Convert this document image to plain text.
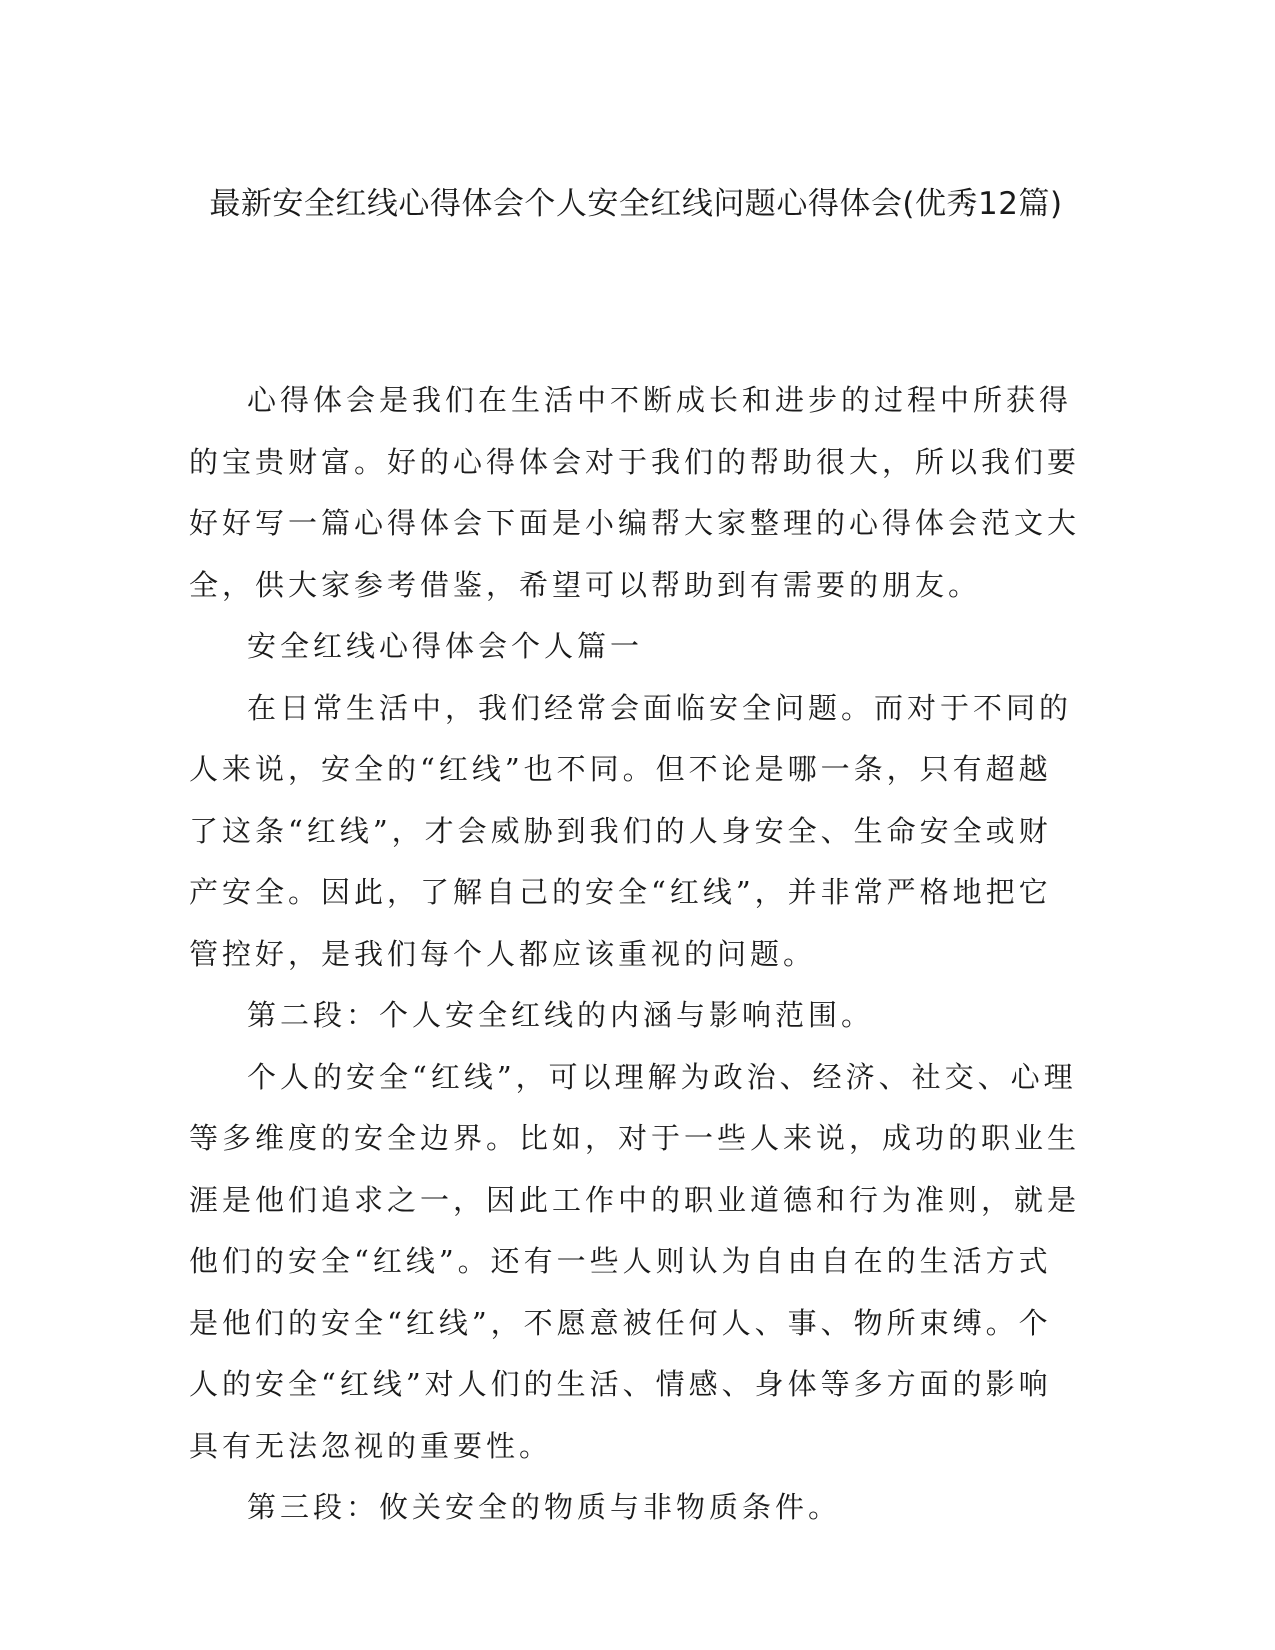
最新安全红线心得体会个人安全红线问题心得体会(优秀12篇)

心得体会是我们在生活中不断成长和进步的过程中所获得的宝贵财富。好的心得体会对于我们的帮助很大，所以我们要好好写一篇心得体会下面是小编帮大家整理的心得体会范文大全，供大家参考借鉴，希望可以帮助到有需要的朋友。

安全红线心得体会个人篇一

在日常生活中，我们经常会面临安全问题。而对于不同的人来说，安全的“红线”也不同。但不论是哪一条，只有超越了这条“红线”，才会威胁到我们的人身安全、生命安全或财产安全。因此，了解自己的安全“红线”，并非常严格地把它管控好，是我们每个人都应该重视的问题。

第二段：个人安全红线的内涵与影响范围。

个人的安全“红线”，可以理解为政治、经济、社交、心理等多维度的安全边界。比如，对于一些人来说，成功的职业生涯是他们追求之一，因此工作中的职业道德和行为准则，就是他们的安全“红线”。还有一些人则认为自由自在的生活方式是他们的安全“红线”，不愿意被任何人、事、物所束缚。个人的安全“红线”对人们的生活、情感、身体等多方面的影响具有无法忽视的重要性。

第三段：攸关安全的物质与非物质条件。
